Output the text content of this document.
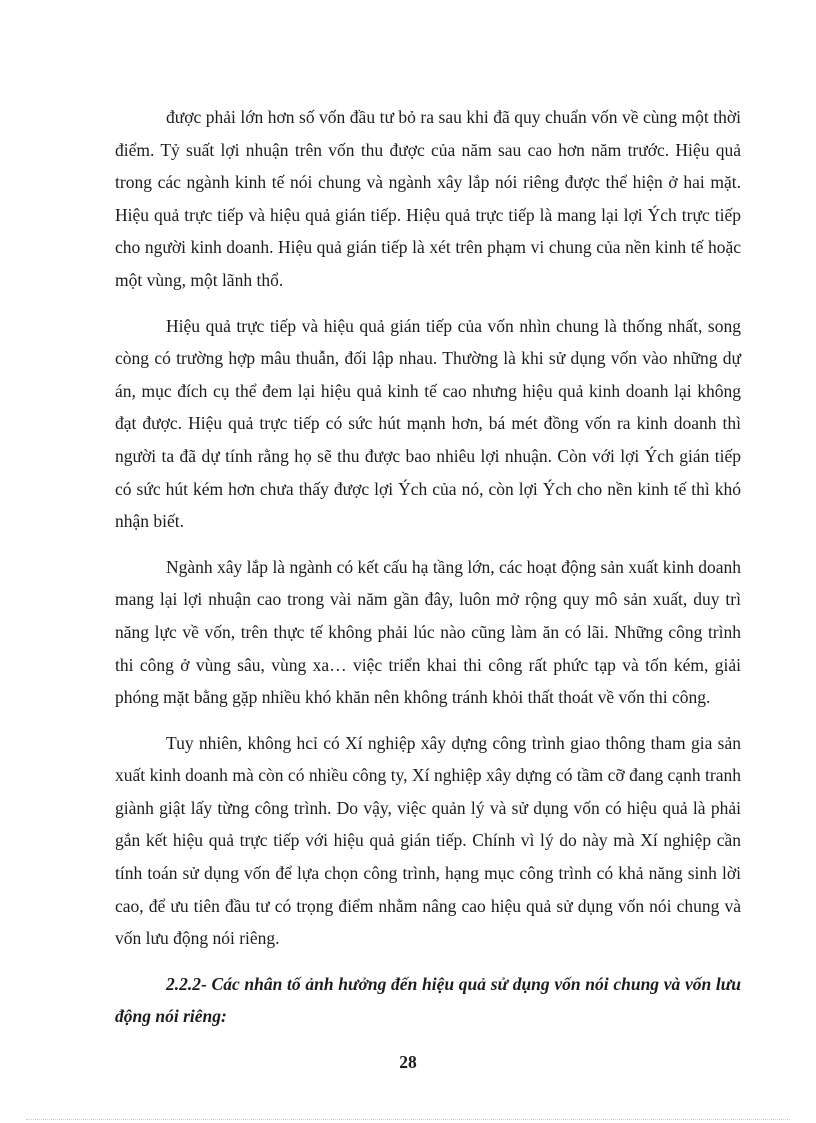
được phải lớn hơn số vốn đầu tư bỏ ra sau khi đã quy chuẩn vốn về cùng một thời điểm. Tỷ suất lợi nhuận trên vốn thu được của năm sau cao hơn năm trước. Hiệu quả trong các ngành kinh tế nói chung và ngành xây lắp nói riêng được thể hiện ở hai mặt. Hiệu quả trực tiếp và hiệu quả gián tiếp. Hiệu quả trực tiếp là mang lại lợi Ých trực tiếp cho người kinh doanh. Hiệu quả gián tiếp là xét trên phạm vi chung của nền kinh tế hoặc một vùng, một lãnh thổ.

Hiệu quả trực tiếp và hiệu quả gián tiếp của vốn nhìn chung là thống nhất, song còng có trường hợp mâu thuẫn, đối lập nhau. Thường là khi sử dụng vốn vào những dự án, mục đích cụ thể đem lại hiệu quả kinh tế cao nhưng hiệu quả kinh doanh lại không đạt được. Hiệu quả trực tiếp có sức hút mạnh hơn, bá mét đồng vốn ra kinh doanh thì người ta đã dự tính rằng họ sẽ thu được bao nhiêu lợi nhuận. Còn với lợi Ých gián tiếp có sức hút kém hơn chưa thấy được lợi Ých của nó, còn lợi Ých cho nền kinh tế thì khó nhận biết.

Ngành xây lắp là ngành có kết cấu hạ tầng lớn, các hoạt động sản xuất kinh doanh mang lại lợi nhuận cao trong vài năm gần đây, luôn mở rộng quy mô sản xuất, duy trì năng lực về vốn, trên thực tế không phải lúc nào cũng làm ăn có lãi. Những công trình thi công ở vùng sâu, vùng xa… việc triển khai thi công rất phức tạp và tốn kém, giải phóng mặt bằng gặp nhiều khó khăn nên không tránh khỏi thất thoát về vốn thi công.

Tuy nhiên, không hcỉ có Xí nghiệp xây dựng công trình giao thông tham gia sản xuất kinh doanh mà còn có nhiều công ty, Xí nghiệp xây dựng có tầm cỡ đang cạnh tranh giành giật lấy từng công trình. Do vậy, việc quản lý và sử dụng vốn có hiệu quả là phải gắn kết hiệu quả trực tiếp với hiệu quả gián tiếp. Chính vì lý do này mà Xí nghiệp cần tính toán sử dụng vốn để lựa chọn công trình, hạng mục công trình có khả năng sinh lời cao, để ưu tiên đầu tư có trọng điểm nhằm nâng cao hiệu quả sử dụng vốn nói chung và vốn lưu động nói riêng.

2.2.2- Các nhân tố ảnh hưởng đến hiệu quả sử dụng vốn nói chung và vốn lưu động nói riêng:

28
